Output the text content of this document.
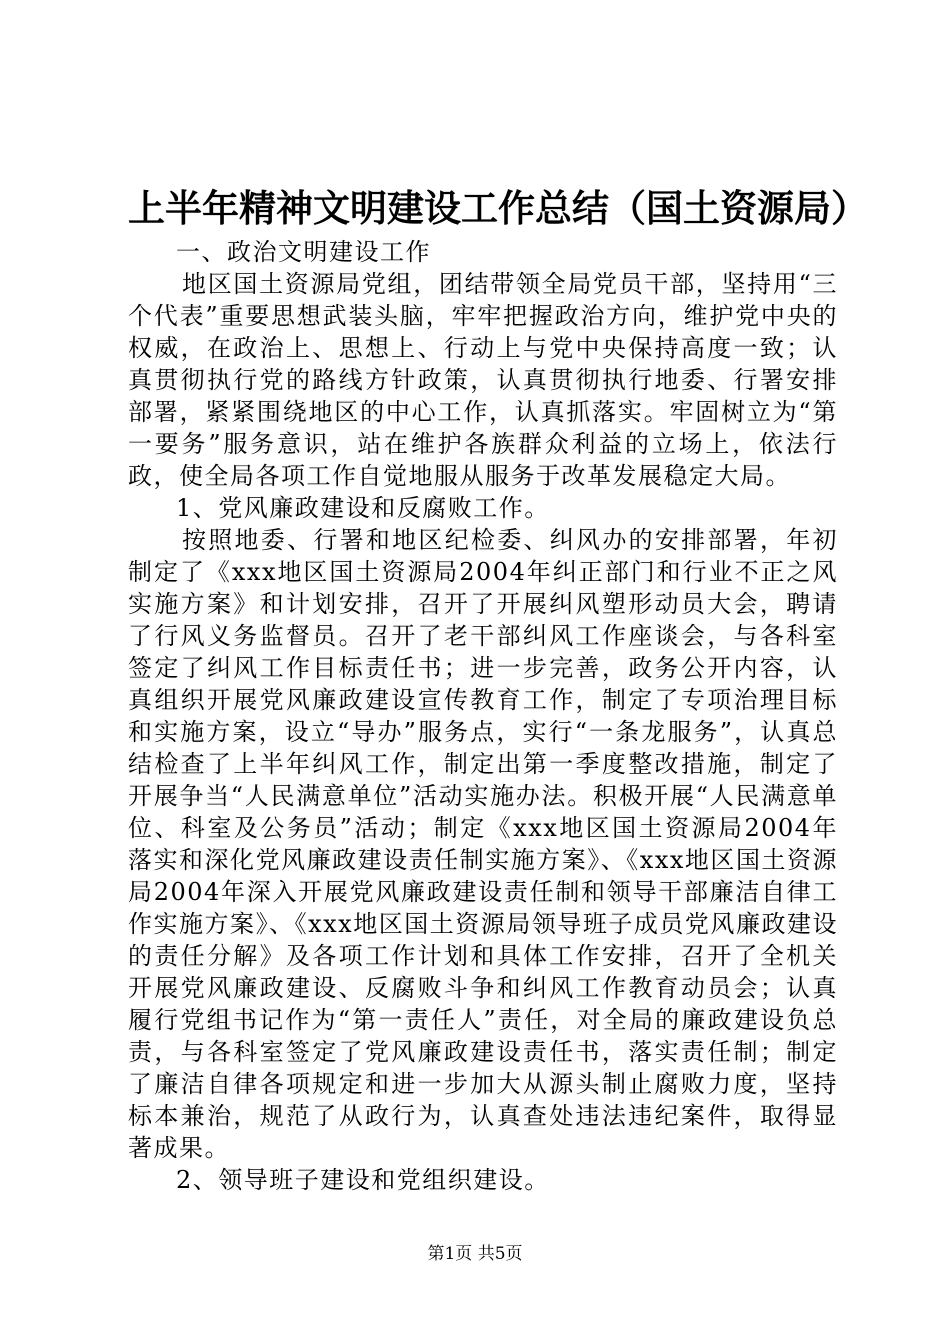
上半年精神文明建设工作总结（国土资源局）

一、政治文明建设工作

地区国土资源局党组，团结带领全局党员干部，坚持用“三个代表”重要思想武装头脑，牢牢把握政治方向，维护党中央的权威，在政治上、思想上、行动上与党中央保持高度一致；认真贯彻执行党的路线方针政策，认真贯彻执行地委、行署安排部署，紧紧围绕地区的中心工作，认真抓落实。牢固树立为“第一要务”服务意识，站在维护各族群众利益的立场上，依法行政，使全局各项工作自觉地服从服务于改革发展稳定大局。

1、党风廉政建设和反腐败工作。

按照地委、行署和地区纪检委、纠风办的安排部署，年初制定了《xxx地区国土资源局2004年纠正部门和行业不正之风实施方案》和计划安排，召开了开展纠风塑形动员大会，聘请了行风义务监督员。召开了老干部纠风工作座谈会，与各科室签定了纠风工作目标责任书；进一步完善，政务公开内容，认真组织开展党风廉政建设宣传教育工作，制定了专项治理目标和实施方案，设立“导办”服务点，实行“一条龙服务”，认真总结检查了上半年纠风工作，制定出第一季度整改措施，制定了开展争当“人民满意单位”活动实施办法。积极开展“人民满意单位、科室及公务员”活动；制定《xxx地区国土资源局2004年落实和深化党风廉政建设责任制实施方案》、《xxx地区国土资源局2004年深入开展党风廉政建设责任制和领导干部廉洁自律工作实施方案》、《xxx地区国土资源局领导班子成员党风廉政建设的责任分解》及各项工作计划和具体工作安排，召开了全机关开展党风廉政建设、反腐败斗争和纠风工作教育动员会；认真履行党组书记作为“第一责任人”责任，对全局的廉政建设负总责，与各科室签定了党风廉政建设责任书，落实责任制；制定了廉洁自律各项规定和进一步加大从源头制止腐败力度，坚持标本兼治，规范了从政行为，认真查处违法违纪案件，取得显著成果。

2、领导班子建设和党组织建设。

第1页 共5页
